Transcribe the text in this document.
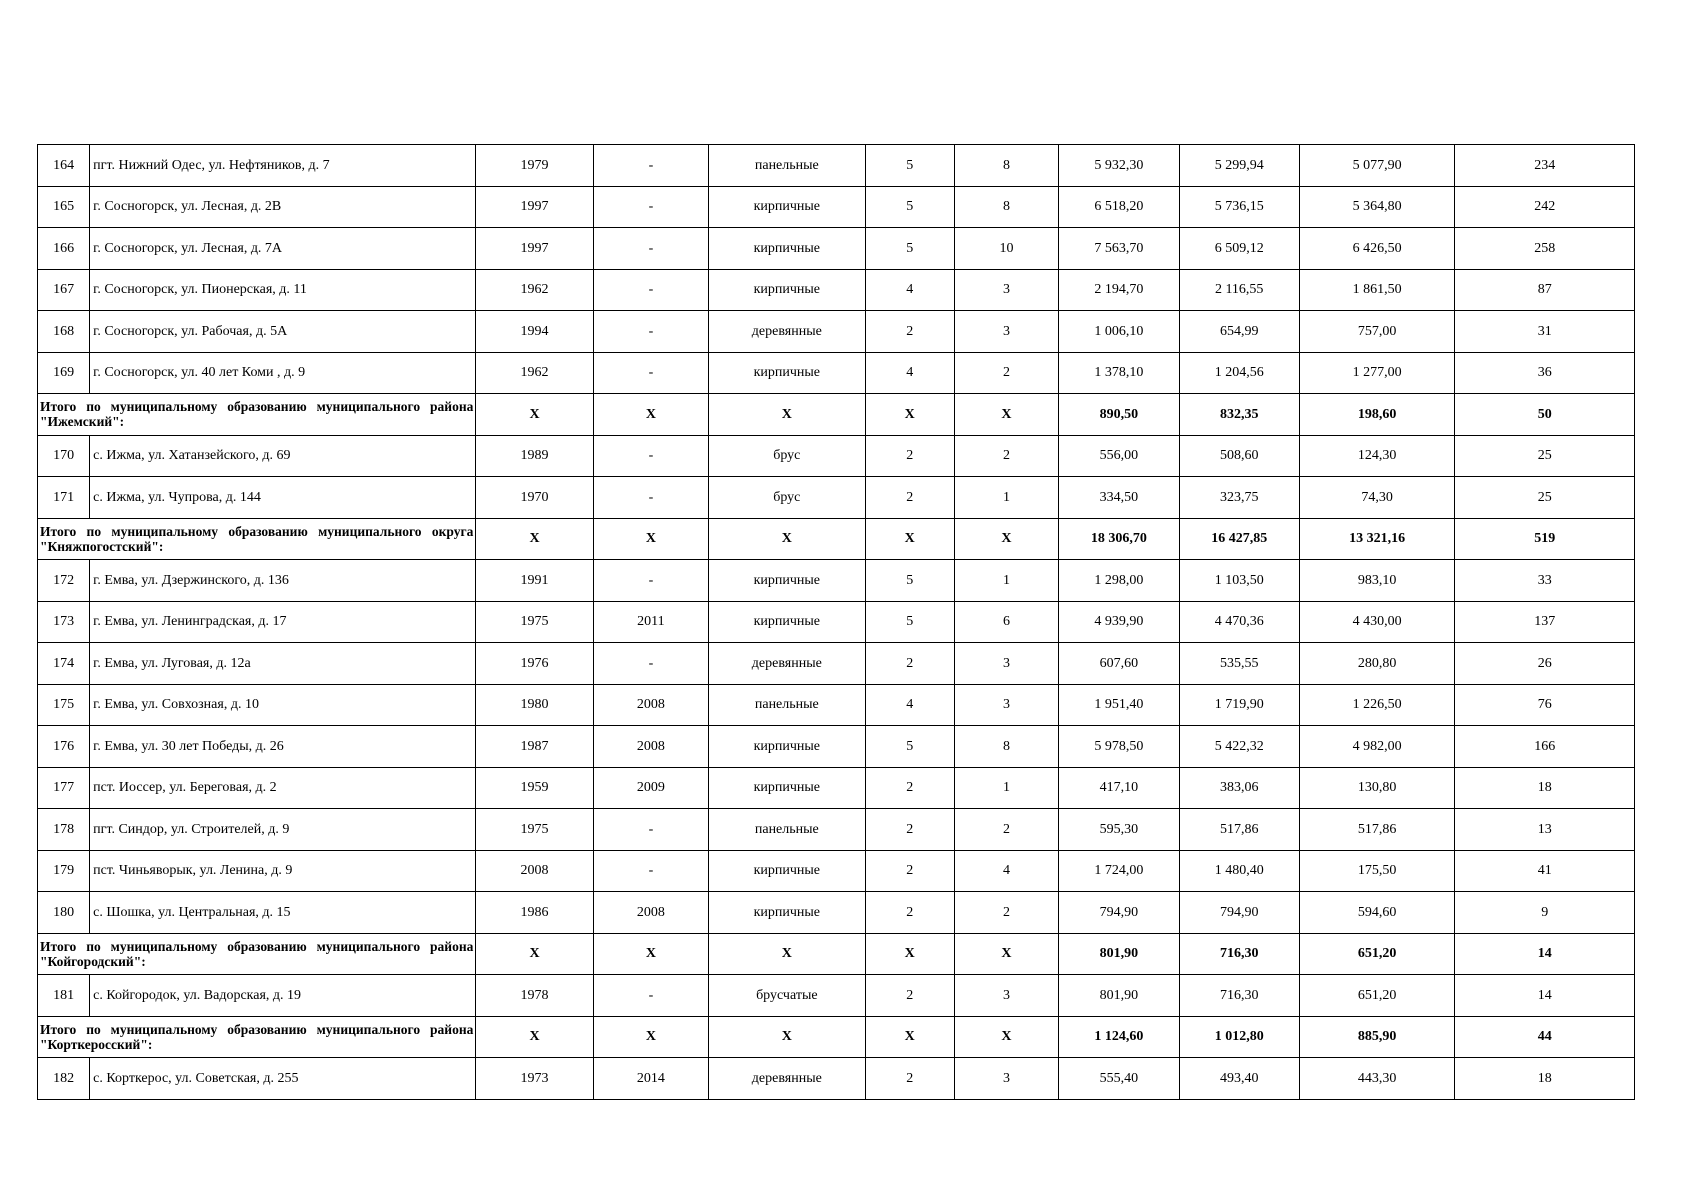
164	пгт. Нижний Одес, ул. Нефтяников, д. 7	1979	-	панельные	5	8	5 932,30	5 299,94	5 077,90	234
165	г. Сосногорск, ул. Лесная, д. 2В	1997	-	кирпичные	5	8	6 518,20	5 736,15	5 364,80	242
166	г. Сосногорск, ул. Лесная, д. 7А	1997	-	кирпичные	5	10	7 563,70	6 509,12	6 426,50	258
167	г. Сосногорск, ул. Пионерская, д. 11	1962	-	кирпичные	4	3	2 194,70	2 116,55	1 861,50	87
168	г. Сосногорск, ул. Рабочая, д. 5А	1994	-	деревянные	2	3	1 006,10	654,99	757,00	31
169	г. Сосногорск, ул. 40 лет Коми , д. 9	1962	-	кирпичные	4	2	1 378,10	1 204,56	1 277,00	36
Итого по муниципальному образованию муниципального района "Ижемский":		X	X	X	X	X	890,50	832,35	198,60	50
170	с. Ижма, ул. Хатанзейского, д. 69	1989	-	брус	2	2	556,00	508,60	124,30	25
171	с. Ижма, ул. Чупрова, д. 144	1970	-	брус	2	1	334,50	323,75	74,30	25
Итого по муниципальному образованию муниципального округа "Княжпогостский":		X	X	X	X	X	18 306,70	16 427,85	13 321,16	519
172	г. Емва, ул. Дзержинского, д. 136	1991	-	кирпичные	5	1	1 298,00	1 103,50	983,10	33
173	г. Емва, ул. Ленинградская, д. 17	1975	2011	кирпичные	5	6	4 939,90	4 470,36	4 430,00	137
174	г. Емва, ул. Луговая, д. 12а	1976	-	деревянные	2	3	607,60	535,55	280,80	26
175	г. Емва, ул. Совхозная, д. 10	1980	2008	панельные	4	3	1 951,40	1 719,90	1 226,50	76
176	г. Емва, ул. 30 лет Победы, д. 26	1987	2008	кирпичные	5	8	5 978,50	5 422,32	4 982,00	166
177	пст. Иоссер, ул. Береговая, д. 2	1959	2009	кирпичные	2	1	417,10	383,06	130,80	18
178	пгт. Синдор, ул. Строителей, д. 9	1975	-	панельные	2	2	595,30	517,86	517,86	13
179	пст. Чиньяворык, ул. Ленина, д. 9	2008	-	кирпичные	2	4	1 724,00	1 480,40	175,50	41
180	с. Шошка, ул. Центральная, д. 15	1986	2008	кирпичные	2	2	794,90	794,90	594,60	9
Итого по муниципальному образованию муниципального района "Койгородский":		X	X	X	X	X	801,90	716,30	651,20	14
181	с. Койгородок, ул. Вадорская, д. 19	1978	-	брусчатые	2	3	801,90	716,30	651,20	14
Итого по муниципальному образованию муниципального района "Корткеросский":		X	X	X	X	X	1 124,60	1 012,80	885,90	44
182	с. Корткерос, ул. Советская, д. 255	1973	2014	деревянные	2	3	555,40	493,40	443,30	18
